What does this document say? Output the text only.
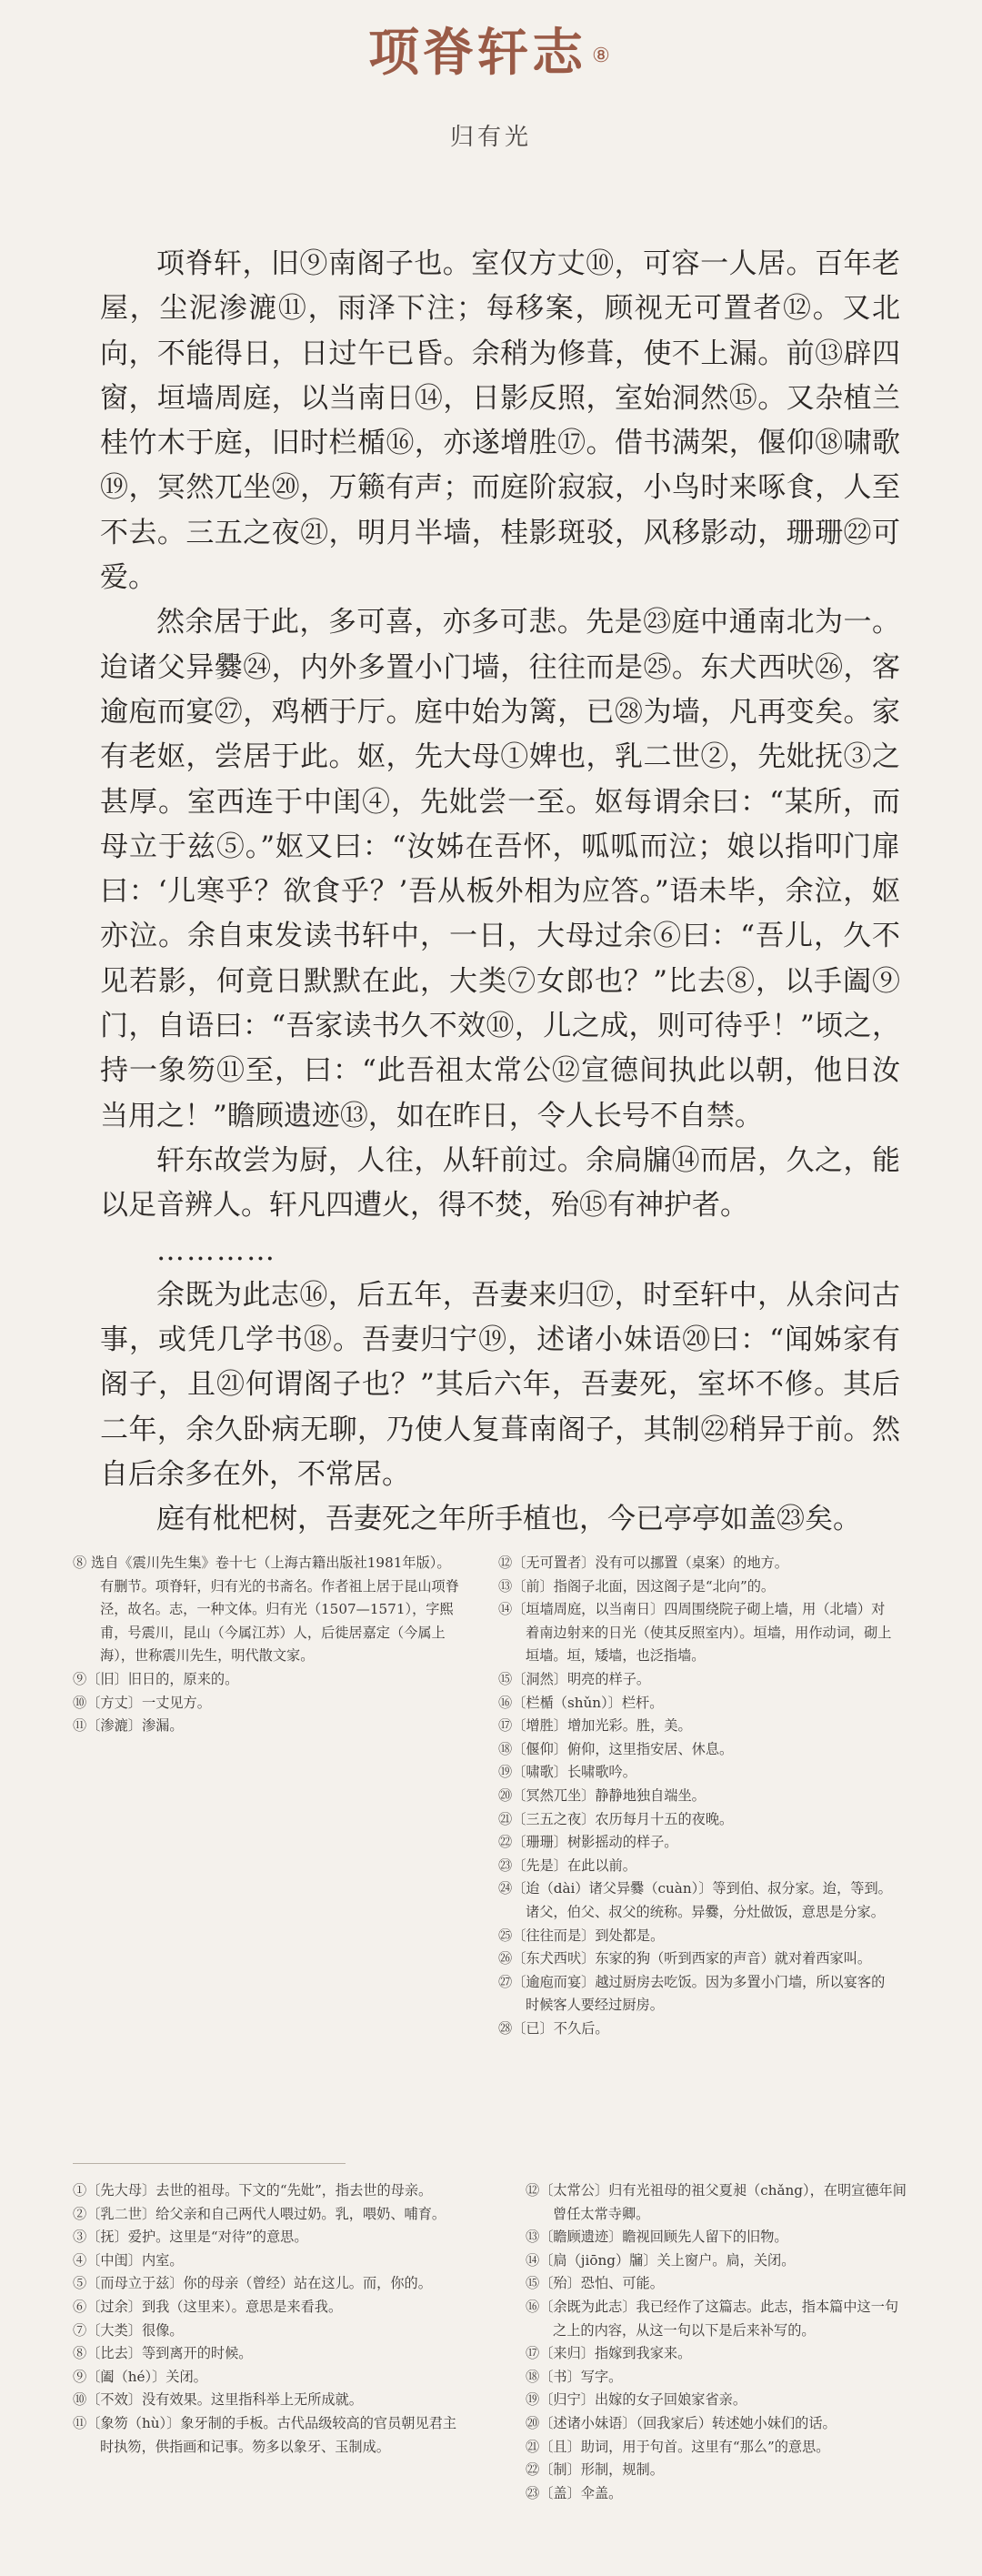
项脊轩志 ⑧
归有光

项脊轩，旧⑨南阁子也。室仅方丈⑩，可容一人居。百年老屋，尘泥渗漉⑪，雨泽下注；每移案，顾视无可置者⑫。又北向，不能得日，日过午已昏。余稍为修葺，使不上漏。前⑬辟四窗，垣墙周庭，以当南日⑭，日影反照，室始洞然⑮。又杂植兰桂竹木于庭，旧时栏楯⑯，亦遂增胜⑰。借书满架，偃仰⑱啸歌⑲，冥然兀坐⑳，万籁有声；而庭阶寂寂，小鸟时来啄食，人至不去。三五之夜㉑，明月半墙，桂影斑驳，风移影动，珊珊㉒可爱。

然余居于此，多可喜，亦多可悲。先是㉓庭中通南北为一。迨诸父异爨㉔，内外多置小门墙，往往而是㉕。东犬西吠㉖，客逾庖而宴㉗，鸡栖于厅。庭中始为篱，已㉘为墙，凡再变矣。家有老妪，尝居于此。妪，先大母①婢也，乳二世②，先妣抚③之甚厚。室西连于中闺④，先妣尝一至。妪每谓余曰：“某所，而母立于兹⑤。”妪又曰：“汝姊在吾怀，呱呱而泣；娘以指叩门扉曰：‘儿寒乎？欲食乎？’吾从板外相为应答。”语未毕，余泣，妪亦泣。余自束发读书轩中，一日，大母过余⑥曰：“吾儿，久不见若影，何竟日默默在此，大类⑦女郎也？”比去⑧，以手阖⑨门，自语曰：“吾家读书久不效⑩，儿之成，则可待乎！”顷之，持一象笏⑪至，曰：“此吾祖太常公⑫宣德间执此以朝，他日汝当用之！”瞻顾遗迹⑬，如在昨日，令人长号不自禁。

轩东故尝为厨，人往，从轩前过。余扃牖⑭而居，久之，能以足音辨人。轩凡四遭火，得不焚，殆⑮有神护者。

…………

余既为此志⑯，后五年，吾妻来归⑰，时至轩中，从余问古事，或凭几学书⑱。吾妻归宁⑲，述诸小妹语⑳曰：“闻姊家有阁子，且㉑何谓阁子也？”其后六年，吾妻死，室坏不修。其后二年，余久卧病无聊，乃使人复葺南阁子，其制㉒稍异于前。然自后余多在外，不常居。

庭有枇杷树，吾妻死之年所手植也，今已亭亭如盖㉓矣。

⑧ 选自《震川先生集》卷十七（上海古籍出版社1981年版）。有删节。项脊轩，归有光的书斋名。作者祖上居于昆山项脊泾，故名。志，一种文体。归有光（1507—1571），字熙甫，号震川，昆山（今属江苏）人，后徙居嘉定（今属上海），世称震川先生，明代散文家。

⑨〔旧〕旧日的，原来的。

⑩〔方丈〕一丈见方。

⑪〔渗漉〕渗漏。

⑫〔无可置者〕没有可以挪置（桌案）的地方。

⑬〔前〕指阁子北面，因这阁子是“北向”的。

⑭〔垣墙周庭，以当南日〕四周围绕院子砌上墙，用（北墙）对着南边射来的日光（使其反照室内）。垣墙，用作动词，砌上垣墙。垣，矮墙，也泛指墙。

⑮〔洞然〕明亮的样子。

⑯〔栏楯（shǔn）〕栏杆。

⑰〔增胜〕增加光彩。胜，美。

⑱〔偃仰〕俯仰，这里指安居、休息。

⑲〔啸歌〕长啸歌吟。

⑳〔冥然兀坐〕静静地独自端坐。

㉑〔三五之夜〕农历每月十五的夜晚。

㉒〔珊珊〕树影摇动的样子。

㉓〔先是〕在此以前。

㉔〔迨（dài）诸父异爨（cuàn）〕等到伯、叔分家。迨，等到。诸父，伯父、叔父的统称。异爨，分灶做饭，意思是分家。

㉕〔往往而是〕到处都是。

㉖〔东犬西吠〕东家的狗（听到西家的声音）就对着西家叫。

㉗〔逾庖而宴〕越过厨房去吃饭。因为多置小门墙，所以宴客的时候客人要经过厨房。

㉘〔已〕不久后。

①〔先大母〕去世的祖母。下文的“先妣”，指去世的母亲。

②〔乳二世〕给父亲和自己两代人喂过奶。乳，喂奶、哺育。

③〔抚〕爱护。这里是“对待”的意思。

④〔中闺〕内室。

⑤〔而母立于兹〕你的母亲（曾经）站在这儿。而，你的。

⑥〔过余〕到我（这里来）。意思是来看我。

⑦〔大类〕很像。

⑧〔比去〕等到离开的时候。

⑨〔阖（hé）〕关闭。

⑩〔不效〕没有效果。这里指科举上无所成就。

⑪〔象笏（hù）〕象牙制的手板。古代品级较高的官员朝见君主时执笏，供指画和记事。笏多以象牙、玉制成。

⑫〔太常公〕归有光祖母的祖父夏昶（chǎng），在明宣德年间曾任太常寺卿。

⑬〔瞻顾遗迹〕瞻视回顾先人留下的旧物。

⑭〔扃（jiōng）牖〕关上窗户。扃，关闭。

⑮〔殆〕恐怕、可能。

⑯〔余既为此志〕我已经作了这篇志。此志，指本篇中这一句之上的内容，从这一句以下是后来补写的。

⑰〔来归〕指嫁到我家来。

⑱〔书〕写字。

⑲〔归宁〕出嫁的女子回娘家省亲。

⑳〔述诸小妹语〕（回我家后）转述她小妹们的话。

㉑〔且〕助词，用于句首。这里有“那么”的意思。

㉒〔制〕形制，规制。

㉓〔盖〕伞盖。
